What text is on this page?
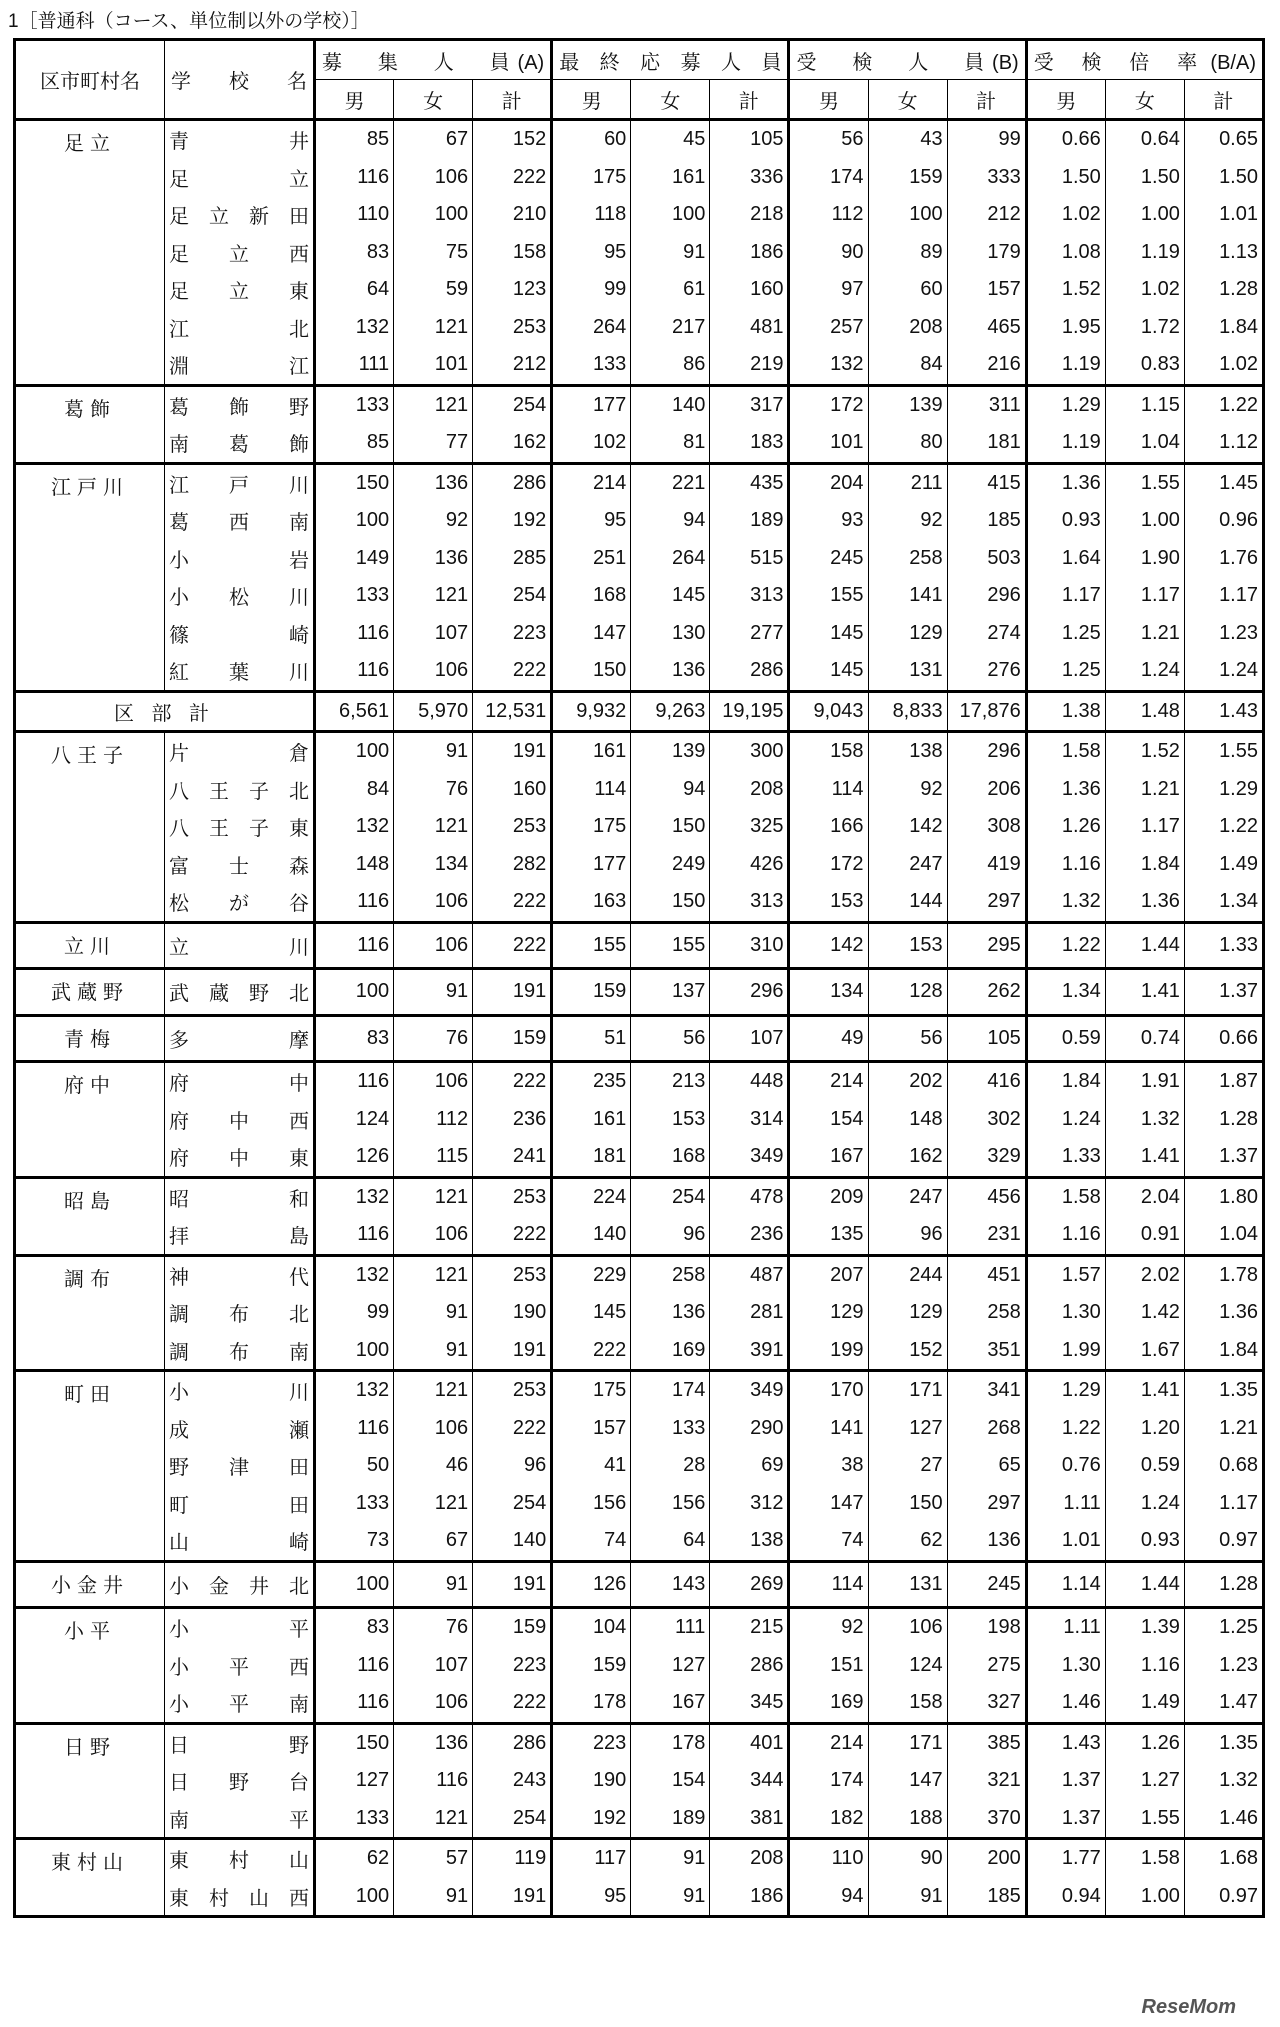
1［普通科（コース、単位制以外の学校）］
区市町村名	学　校　名	募　集　人　員(A)			最終応募人員			受　検　人　員(B)			受　検　倍　率 (B/A)		
		男	女	計	男	女	計	男	女	計	男	女	計
足立	青井	85	67	152	60	45	105	56	43	99	0.66	0.64	0.65
	足立	116	106	222	175	161	336	174	159	333	1.50	1.50	1.50
	足立新田	110	100	210	118	100	218	112	100	212	1.02	1.00	1.01
	足立西	83	75	158	95	91	186	90	89	179	1.08	1.19	1.13
	足立東	64	59	123	99	61	160	97	60	157	1.52	1.02	1.28
	江北	132	121	253	264	217	481	257	208	465	1.95	1.72	1.84
	淵江	111	101	212	133	86	219	132	84	216	1.19	0.83	1.02
葛飾	葛飾野	133	121	254	177	140	317	172	139	311	1.29	1.15	1.22
	南葛飾	85	77	162	102	81	183	101	80	181	1.19	1.04	1.12
江戸川	江戸川	150	136	286	214	221	435	204	211	415	1.36	1.55	1.45
	葛西南	100	92	192	95	94	189	93	92	185	0.93	1.00	0.96
	小岩	149	136	285	251	264	515	245	258	503	1.64	1.90	1.76
	小松川	133	121	254	168	145	313	155	141	296	1.17	1.17	1.17
	篠崎	116	107	223	147	130	277	145	129	274	1.25	1.21	1.23
	紅葉川	116	106	222	150	136	286	145	131	276	1.25	1.24	1.24
区 部 計		6,561	5,970	12,531	9,932	9,263	19,195	9,043	8,833	17,876	1.38	1.48	1.43
八王子	片倉	100	91	191	161	139	300	158	138	296	1.58	1.52	1.55
	八王子北	84	76	160	114	94	208	114	92	206	1.36	1.21	1.29
	八王子東	132	121	253	175	150	325	166	142	308	1.26	1.17	1.22
	富士森	148	134	282	177	249	426	172	247	419	1.16	1.84	1.49
	松が谷	116	106	222	163	150	313	153	144	297	1.32	1.36	1.34
立川	立川	116	106	222	155	155	310	142	153	295	1.22	1.44	1.33
武蔵野	武蔵野北	100	91	191	159	137	296	134	128	262	1.34	1.41	1.37
青梅	多摩	83	76	159	51	56	107	49	56	105	0.59	0.74	0.66
府中	府中	116	106	222	235	213	448	214	202	416	1.84	1.91	1.87
	府中西	124	112	236	161	153	314	154	148	302	1.24	1.32	1.28
	府中東	126	115	241	181	168	349	167	162	329	1.33	1.41	1.37
昭島	昭和	132	121	253	224	254	478	209	247	456	1.58	2.04	1.80
	拝島	116	106	222	140	96	236	135	96	231	1.16	0.91	1.04
調布	神代	132	121	253	229	258	487	207	244	451	1.57	2.02	1.78
	調布北	99	91	190	145	136	281	129	129	258	1.30	1.42	1.36
	調布南	100	91	191	222	169	391	199	152	351	1.99	1.67	1.84
町田	小川	132	121	253	175	174	349	170	171	341	1.29	1.41	1.35
	成瀬	116	106	222	157	133	290	141	127	268	1.22	1.20	1.21
	野津田	50	46	96	41	28	69	38	27	65	0.76	0.59	0.68
	町田	133	121	254	156	156	312	147	150	297	1.11	1.24	1.17
	山崎	73	67	140	74	64	138	74	62	136	1.01	0.93	0.97
小金井	小金井北	100	91	191	126	143	269	114	131	245	1.14	1.44	1.28
小平	小平	83	76	159	104	111	215	92	106	198	1.11	1.39	1.25
	小平西	116	107	223	159	127	286	151	124	275	1.30	1.16	1.23
	小平南	116	106	222	178	167	345	169	158	327	1.46	1.49	1.47
日野	日野	150	136	286	223	178	401	214	171	385	1.43	1.26	1.35
	日野台	127	116	243	190	154	344	174	147	321	1.37	1.27	1.32
	南平	133	121	254	192	189	381	182	188	370	1.37	1.55	1.46
東村山	東村山	62	57	119	117	91	208	110	90	200	1.77	1.58	1.68
	東村山西	100	91	191	95	91	186	94	91	185	0.94	1.00	0.97
ReseMom
